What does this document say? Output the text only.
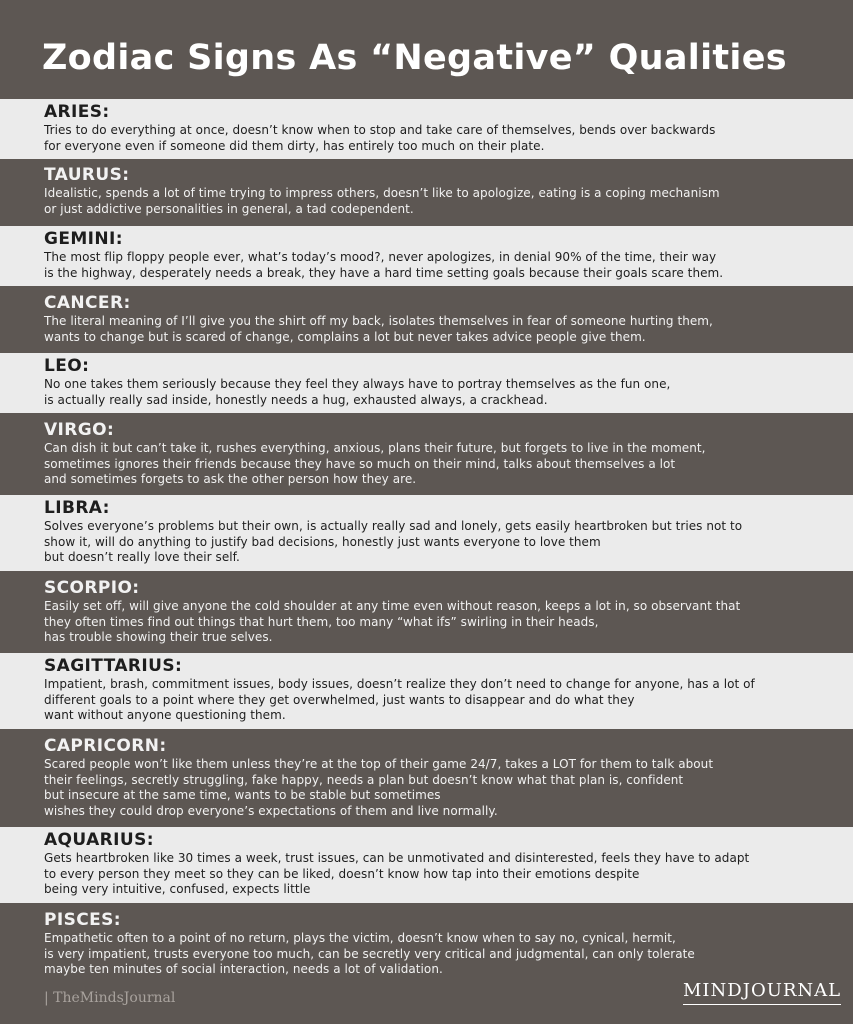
Zodiac Signs As “Negative” Qualities
ARIES:
Tries to do everything at once, doesn’t know when to stop and take care of themselves, bends over backwards
for everyone even if someone did them dirty, has entirely too much on their plate.
TAURUS:
Idealistic, spends a lot of time trying to impress others, doesn’t like to apologize, eating is a coping mechanism
or just addictive personalities in general, a tad codependent.
GEMINI:
The most flip floppy people ever, what’s today’s mood?, never apologizes, in denial 90% of the time, their way
is the highway, desperately needs a break, they have a hard time setting goals because their goals scare them.
CANCER:
The literal meaning of I’ll give you the shirt off my back, isolates themselves in fear of someone hurting them,
wants to change but is scared of change, complains a lot but never takes advice people give them.
LEO:
No one takes them seriously because they feel they always have to portray themselves as the fun one,
is actually really sad inside, honestly needs a hug, exhausted always, a crackhead.
VIRGO:
Can dish it but can’t take it, rushes everything, anxious, plans their future, but forgets to live in the moment,
sometimes ignores their friends because they have so much on their mind, talks about themselves a lot
and sometimes forgets to ask the other person how they are.
LIBRA:
Solves everyone’s problems but their own, is actually really sad and lonely, gets easily heartbroken but tries not to
show it, will do anything to justify bad decisions, honestly just wants everyone to love them
but doesn’t really love their self.
SCORPIO:
Easily set off, will give anyone the cold shoulder at any time even without reason, keeps a lot in, so observant that
they often times find out things that hurt them, too many “what ifs” swirling in their heads,
has trouble showing their true selves.
SAGITTARIUS:
Impatient, brash, commitment issues, body issues, doesn’t realize they don’t need to change for anyone, has a lot of
different goals to a point where they get overwhelmed, just wants to disappear and do what they
want without anyone questioning them.
CAPRICORN:
Scared people won’t like them unless they’re at the top of their game 24/7, takes a LOT for them to talk about
their feelings, secretly struggling, fake happy, needs a plan but doesn’t know what that plan is, confident
but insecure at the same time, wants to be stable but sometimes
wishes they could drop everyone’s expectations of them and live normally.
AQUARIUS:
Gets heartbroken like 30 times a week, trust issues, can be unmotivated and disinterested, feels they have to adapt
to every person they meet so they can be liked, doesn’t know how tap into their emotions despite
being very intuitive, confused, expects little
PISCES:
Empathetic often to a point of no return, plays the victim, doesn’t know when to say no, cynical, hermit,
is very impatient, trusts everyone too much, can be secretly very critical and judgmental, can only tolerate
maybe ten minutes of social interaction, needs a lot of validation.
| TheMindsJournal	MINDJOURNAL
